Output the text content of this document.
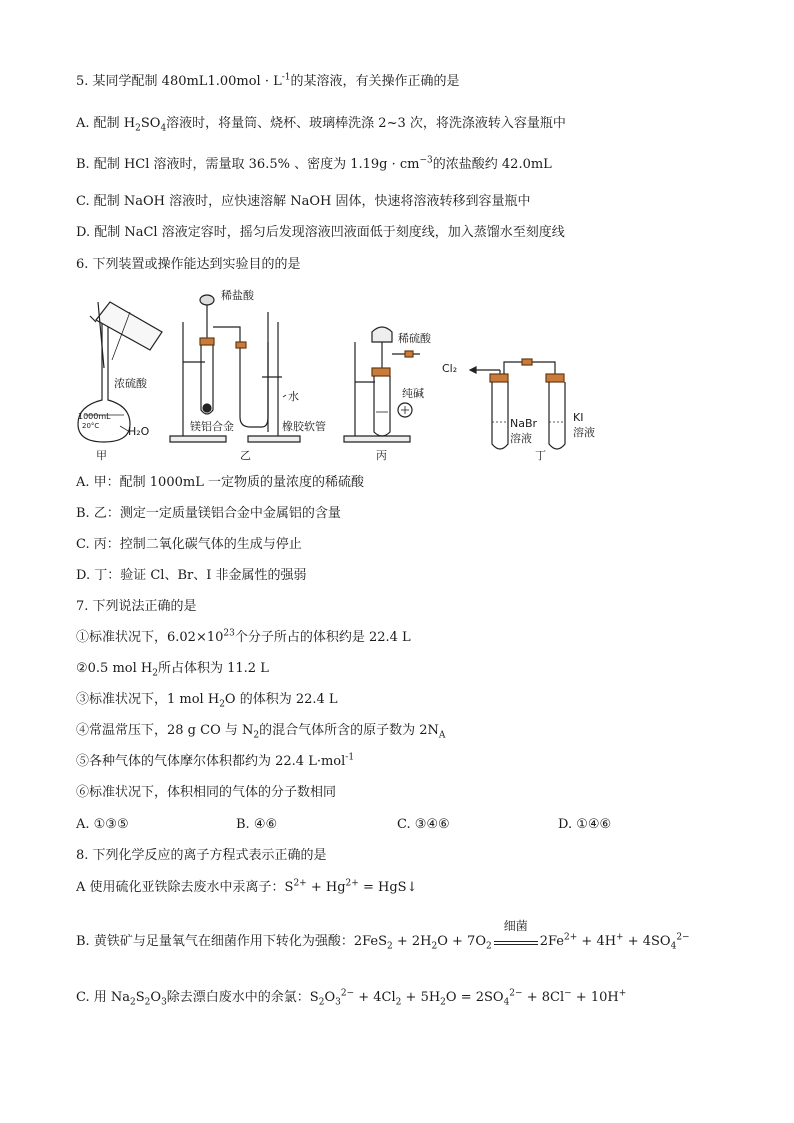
5. 某同学配制 $480mL1.00mol \cdot L^{-1}$的某溶液，有关操作正确的是
A. 配制 $H_2SO_4$溶液时，将量筒、烧杯、玻璃棒洗涤 2~3 次，将洗涤液转入容量瓶中
B. 配制 HCl 溶液时，需量取 36.5% 、密度为 $1.19g \cdot cm^{-3}$的浓盐酸约 42.0mL
C. 配制 NaOH 溶液时，应快速溶解 NaOH 固体，快速将溶液转移到容量瓶中
D. 配制 NaCl 溶液定容时，摇匀后发现溶液凹液面低于刻度线，加入蒸馏水至刻度线
6. 下列装置或操作能达到实验目的的是
浓硫酸
1000mL
20°C	H₂O
甲
稀盐酸
镁铝合金
水
橡胶软管
乙
稀硫酸
纯碱
丙
Cl₂
NaBr
溶液
KI
溶液
丁
A. 甲：配制 1000mL 一定物质的量浓度的稀硫酸
B. 乙：测定一定质量镁铝合金中金属铝的含量
C. 丙：控制二氧化碳气体的生成与停止
D. 丁：验证 Cl、Br、I 非金属性的强弱
7. 下列说法正确的是
①标准状况下，$6.02\times 10^{23}$个分子所占的体积约是 22.4 L
②0.5 mol $H_2$所占体积为 11.2 L
③标准状况下，1 mol $H_2O$ 的体积为 22.4 L
④常温常压下，28 g CO 与 $N_2$的混合气体所含的原子数为 $2N_A$
⑤各种气体的气体摩尔体积都约为 22.4 L·mol$^{-1}$
⑥标准状况下，体积相同的气体的分子数相同
A. ①③⑤	B. ④⑥	C. ③④⑥	D. ①④⑥
8. 下列化学反应的离子方程式表示正确的是
A 使用硫化亚铁除去废水中汞离子：$S^{2+} + Hg^{2+}$ = HgS↓
B. 黄铁矿与足量氧气在细菌作用下转化为强酸：$2FeS_2 + 2H_2O + 7O_2$
细菌
$2Fe^{2+} + 4H^+ + 4SO_4^{2-}$
C. 用 $Na_2S_2O_3$除去漂白废水中的余氯：$S_2O_3^{2-} + 4Cl_2 + 5H_2O = 2SO_4^{2-} + 8Cl^- + 10H^+$
